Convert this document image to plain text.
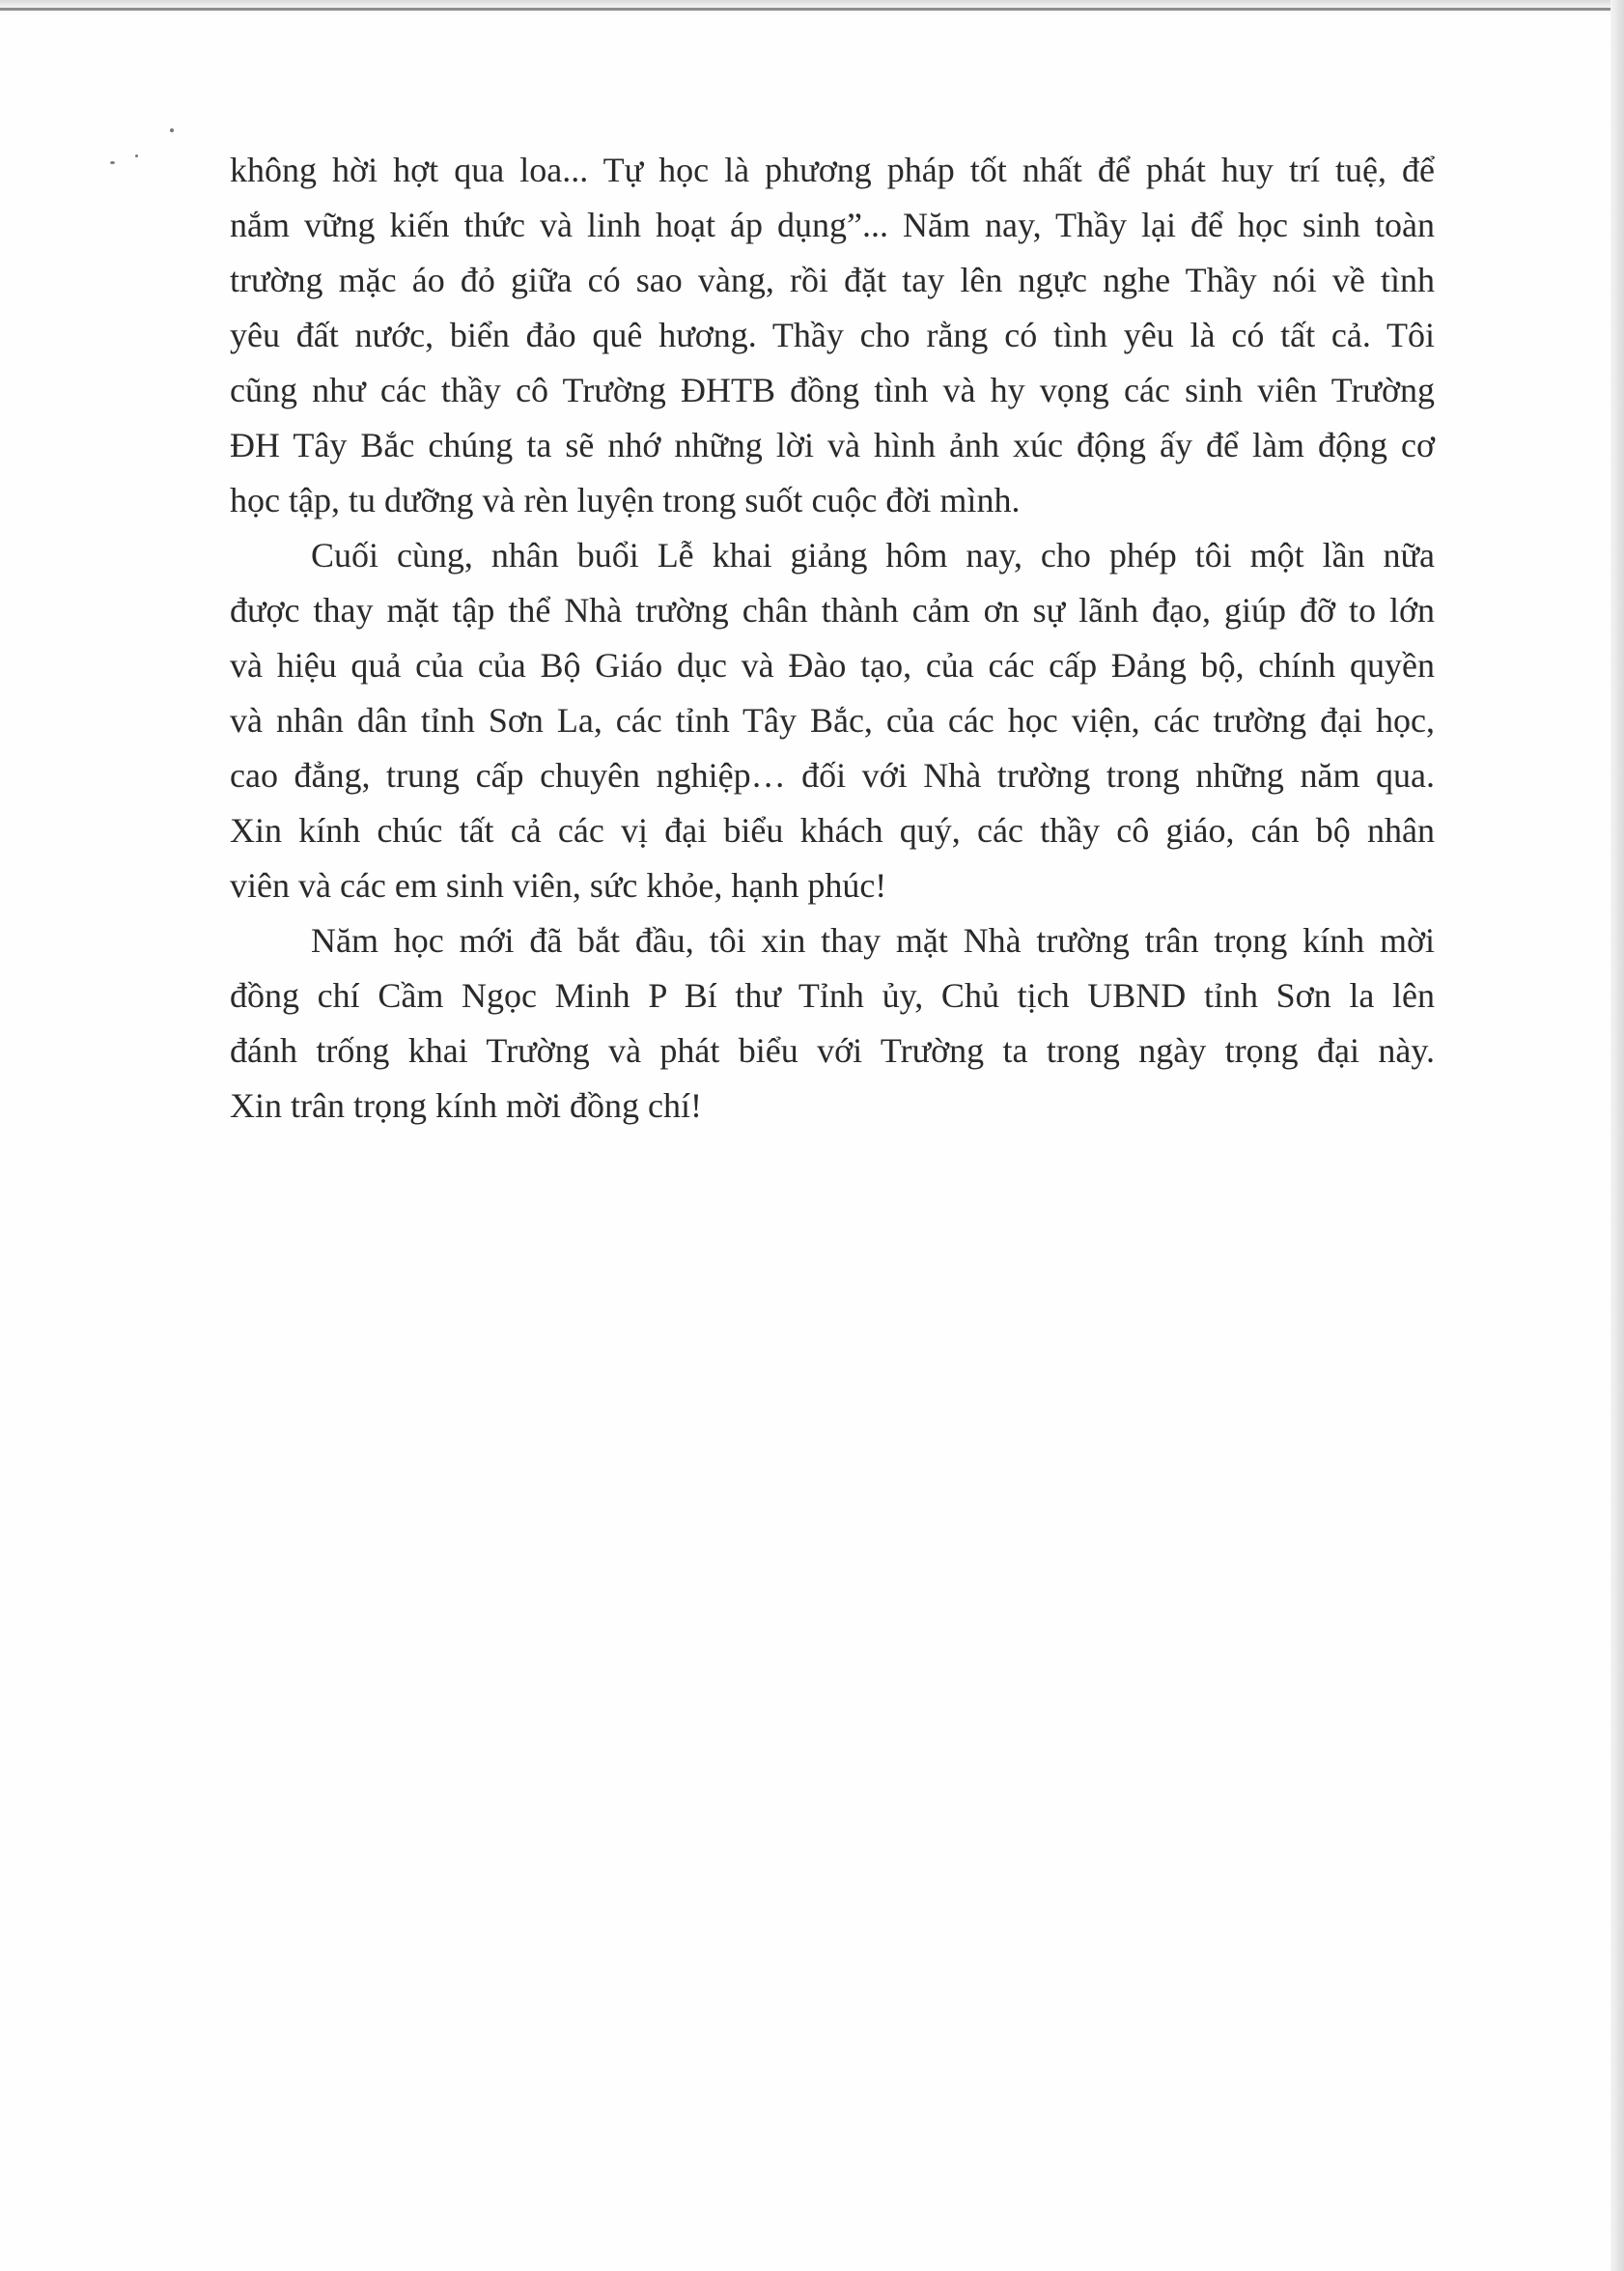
không hời hợt qua loa... Tự học là phương pháp tốt nhất để phát huy trí tuệ, để
nắm vững kiến thức và linh hoạt áp dụng”... Năm nay, Thầy lại để học sinh toàn
trường mặc áo đỏ giữa có sao vàng, rồi đặt tay lên ngực nghe Thầy nói về tình
yêu đất nước, biển đảo quê hương. Thầy cho rằng có tình yêu là có tất cả. Tôi
cũng như các thầy cô Trường ĐHTB đồng tình và hy vọng các sinh viên Trường
ĐH Tây Bắc chúng ta sẽ nhớ những lời và hình ảnh xúc động ấy để làm động cơ
học tập, tu dưỡng và rèn luyện trong suốt cuộc đời mình.

Cuối cùng, nhân buổi Lễ khai giảng hôm nay, cho phép tôi một lần nữa
được thay mặt tập thể Nhà trường chân thành cảm ơn sự lãnh đạo, giúp đỡ to lớn
và hiệu quả của của Bộ Giáo dục và Đào tạo, của các cấp Đảng bộ, chính quyền
và nhân dân tỉnh Sơn La, các tỉnh Tây Bắc, của các học viện, các trường đại học,
cao đẳng, trung cấp chuyên nghiệp… đối với Nhà trường trong những năm qua.
Xin kính chúc tất cả các vị đại biểu khách quý, các thầy cô giáo, cán bộ nhân
viên và các em sinh viên, sức khỏe, hạnh phúc!

Năm học mới đã bắt đầu, tôi xin thay mặt Nhà trường trân trọng kính mời
đồng chí Cầm Ngọc Minh P Bí thư Tỉnh ủy, Chủ tịch UBND tỉnh Sơn la lên
đánh trống khai Trường và phát biểu với Trường ta trong ngày trọng đại này.
Xin trân trọng kính mời đồng chí!
